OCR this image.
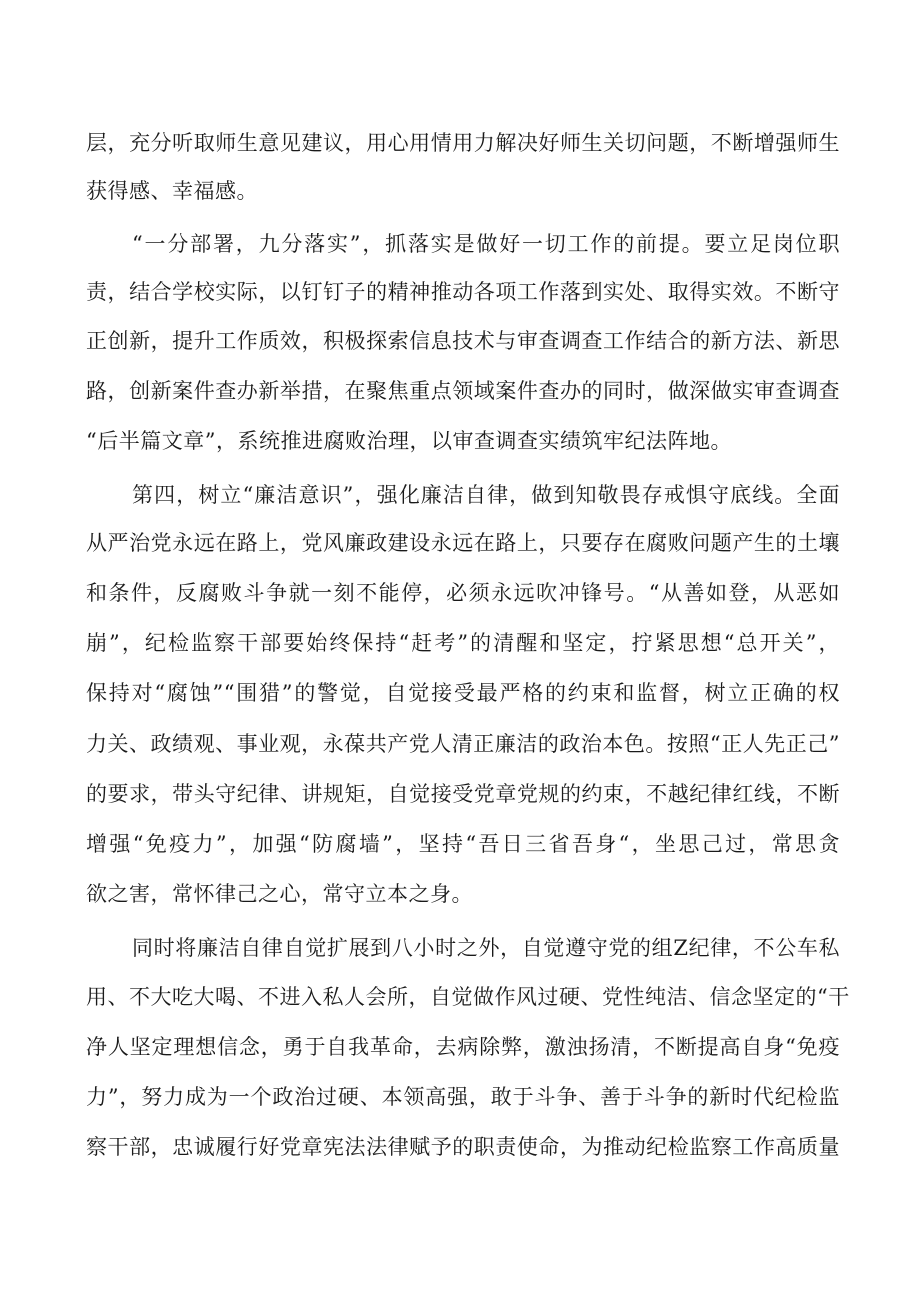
层，充分听取师生意见建议，用心用情用力解决好师生关切问题，不断增强师生
获得感、幸福感。
“一分部署，九分落实”，抓落实是做好一切工作的前提。要立足岗位职
责，结合学校实际，以钉钉子的精神推动各项工作落到实处、取得实效。不断守
正创新，提升工作质效，积极探索信息技术与审查调查工作结合的新方法、新思
路，创新案件查办新举措，在聚焦重点领域案件查办的同时，做深做实审查调查
“后半篇文章”，系统推进腐败治理，以审查调查实绩筑牢纪法阵地。
第四，树立“廉洁意识”，强化廉洁自律，做到知敬畏存戒惧守底线。全面
从严治党永远在路上，党风廉政建设永远在路上，只要存在腐败问题产生的土壤
和条件，反腐败斗争就一刻不能停，必须永远吹冲锋号。“从善如登，从恶如
崩”，纪检监察干部要始终保持“赶考”的清醒和坚定，拧紧思想“总开关”，
保持对“腐蚀”“围猎”的警觉，自觉接受最严格的约束和监督，树立正确的权
力关、政绩观、事业观，永葆共产党人清正廉洁的政治本色。按照“正人先正己”
的要求，带头守纪律、讲规矩，自觉接受党章党规的约束，不越纪律红线，不断
增强“免疫力”，加强“防腐墙”，坚持“吾日三省吾身“，坐思己过，常思贪
欲之害，常怀律己之心，常守立本之身。
同时将廉洁自律自觉扩展到八小时之外，自觉遵守党的组Z纪律，不公车私
用、不大吃大喝、不进入私人会所，自觉做作风过硬、党性纯洁、信念坚定的“干
净人坚定理想信念，勇于自我革命，去病除弊，激浊扬清，不断提高自身“免疫
力”，努力成为一个政治过硬、本领高强，敢于斗争、善于斗争的新时代纪检监
察干部，忠诚履行好党章宪法法律赋予的职责使命，为推动纪检监察工作高质量
